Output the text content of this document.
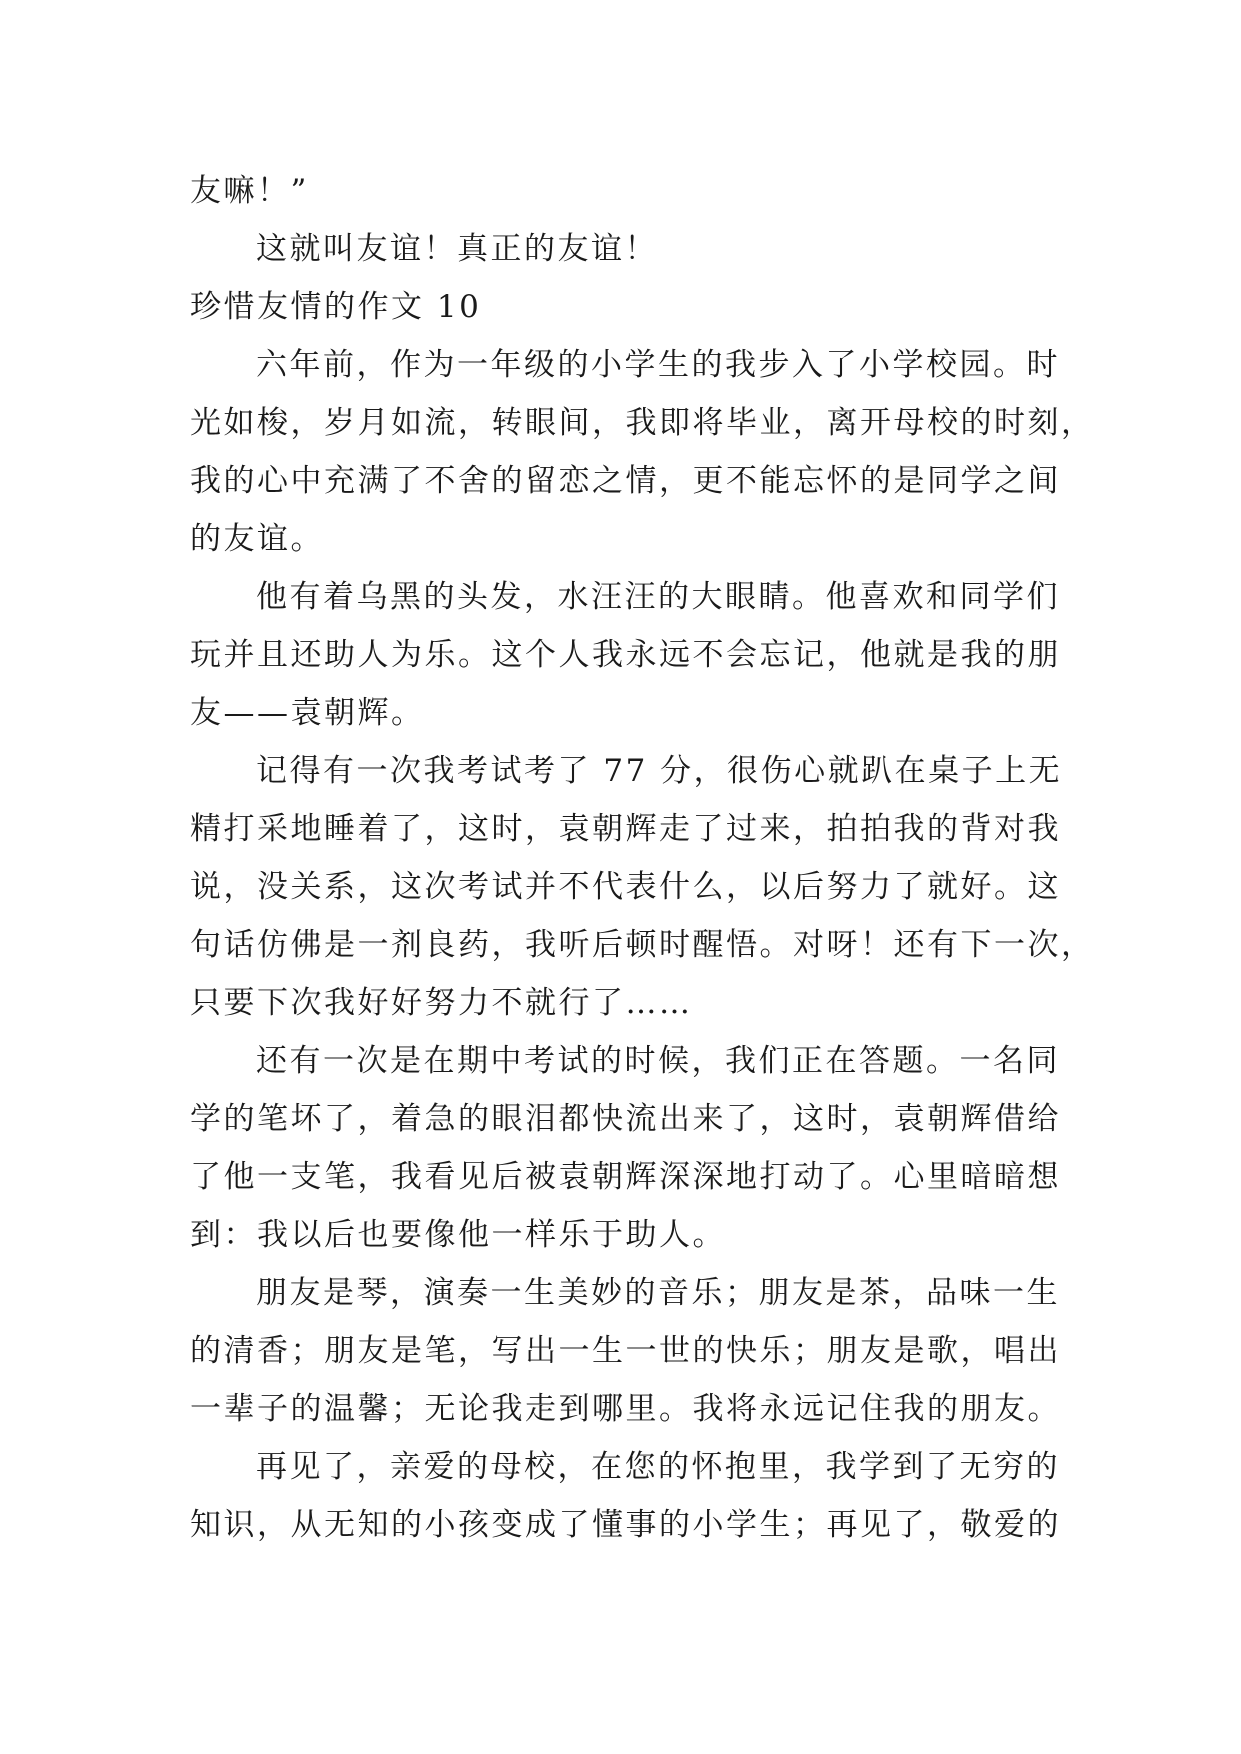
友嘛！”
这就叫友谊！真正的友谊！
珍惜友情的作文 10
六年前，作为一年级的小学生的我步入了小学校园。时
光如梭，岁月如流，转眼间，我即将毕业，离开母校的时刻，
我的心中充满了不舍的留恋之情，更不能忘怀的是同学之间
的友谊。
他有着乌黑的头发，水汪汪的大眼睛。他喜欢和同学们
玩并且还助人为乐。这个人我永远不会忘记，他就是我的朋
友——袁朝辉。
记得有一次我考试考了 77 分，很伤心就趴在桌子上无
精打采地睡着了，这时，袁朝辉走了过来，拍拍我的背对我
说，没关系，这次考试并不代表什么，以后努力了就好。这
句话仿佛是一剂良药，我听后顿时醒悟。对呀！还有下一次，
只要下次我好好努力不就行了……
还有一次是在期中考试的时候，我们正在答题。一名同
学的笔坏了，着急的眼泪都快流出来了，这时，袁朝辉借给
了他一支笔，我看见后被袁朝辉深深地打动了。心里暗暗想
到：我以后也要像他一样乐于助人。
朋友是琴，演奏一生美妙的音乐；朋友是茶，品味一生
的清香；朋友是笔，写出一生一世的快乐；朋友是歌，唱出
一辈子的温馨；无论我走到哪里。我将永远记住我的朋友。
再见了，亲爱的母校，在您的怀抱里，我学到了无穷的
知识，从无知的小孩变成了懂事的小学生；再见了，敬爱的
